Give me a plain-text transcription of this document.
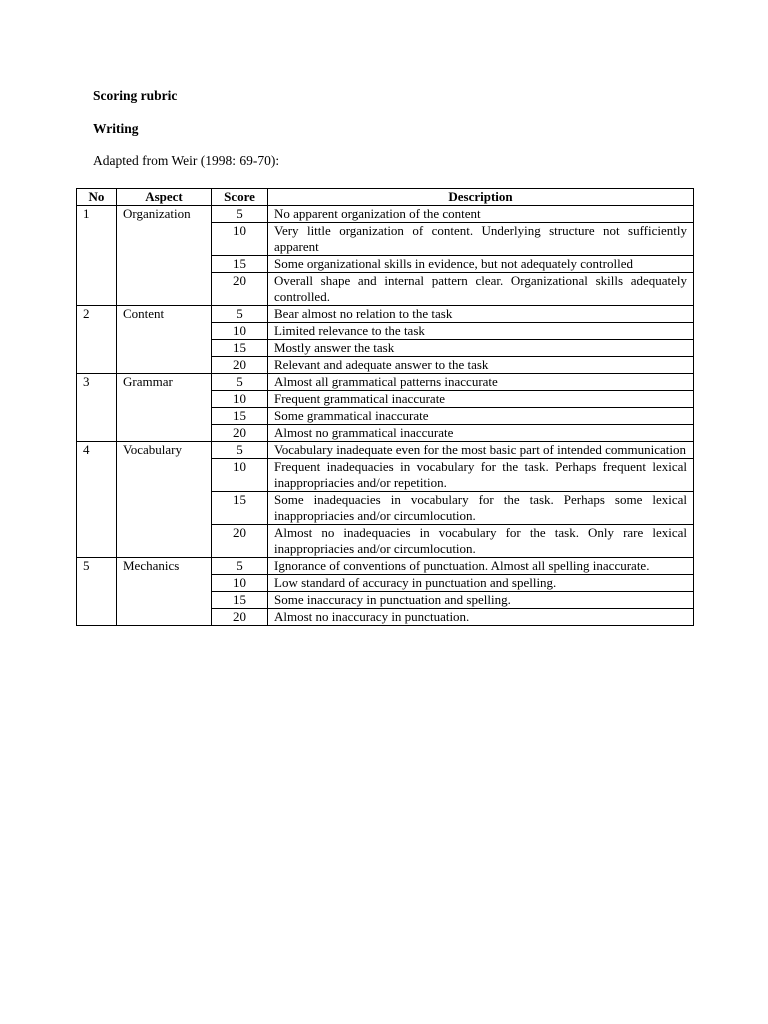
Scoring rubric

Writing

Adapted from Weir (1998: 69-70):

No	Aspect	Score	Description
1	Organization	5	No apparent organization of the content
		10	Very little organization of content. Underlying structure not sufficiently apparent
		15	Some organizational skills in evidence, but not adequately controlled
		20	Overall shape and internal pattern clear. Organizational skills adequately controlled.
2	Content	5	Bear almost no relation to the task
		10	Limited relevance to the task
		15	Mostly answer the task
		20	Relevant and adequate answer to the task
3	Grammar	5	Almost all grammatical patterns inaccurate
		10	Frequent grammatical inaccurate
		15	Some grammatical inaccurate
		20	Almost no grammatical inaccurate
4	Vocabulary	5	Vocabulary inadequate even for the most basic part of intended communication
		10	Frequent inadequacies in vocabulary for the task. Perhaps frequent lexical inappropriacies and/or repetition.
		15	Some inadequacies in vocabulary for the task. Perhaps some lexical inappropriacies and/or circumlocution.
		20	Almost no inadequacies in vocabulary for the task. Only rare lexical inappropriacies and/or circumlocution.
5	Mechanics	5	Ignorance of conventions of punctuation. Almost all spelling inaccurate.
		10	Low standard of accuracy in punctuation and spelling.
		15	Some inaccuracy in punctuation and spelling.
		20	Almost no inaccuracy in punctuation.
